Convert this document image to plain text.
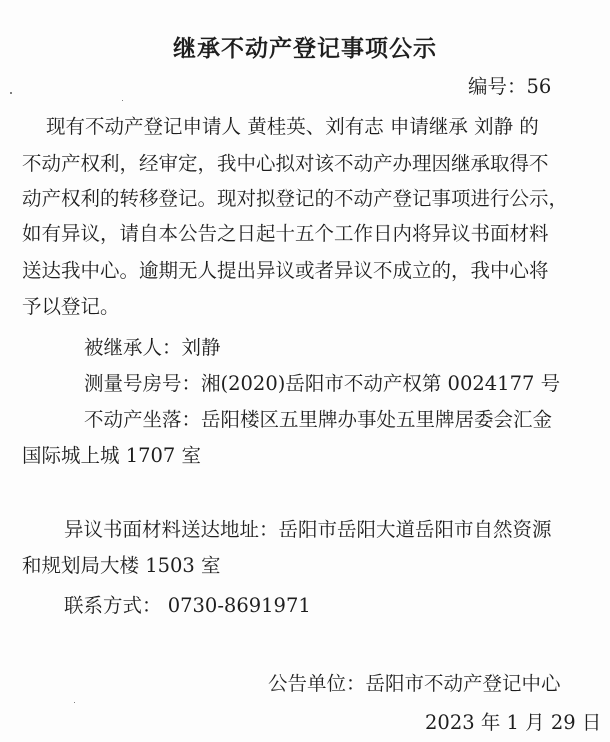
继承不动产登记事项公示
编号：56
现有不动产登记申请人 黄桂英、刘有志 申请继承 刘静 的
不动产权利，经审定，我中心拟对该不动产办理因继承取得不
动产权利的转移登记。现对拟登记的不动产登记事项进行公示，
如有异议，请自本公告之日起十五个工作日内将异议书面材料
送达我中心。逾期无人提出异议或者异议不成立的，我中心将
予以登记。
被继承人：刘静
测量号房号：湘(2020)岳阳市不动产权第 0024177 号
不动产坐落：岳阳楼区五里牌办事处五里牌居委会汇金
国际城上城 1707 室
异议书面材料送达地址：岳阳市岳阳大道岳阳市自然资源
和规划局大楼 1503 室
联系方式： 0730-8691971
公告单位：岳阳市不动产登记中心
2023 年 1 月 29 日
